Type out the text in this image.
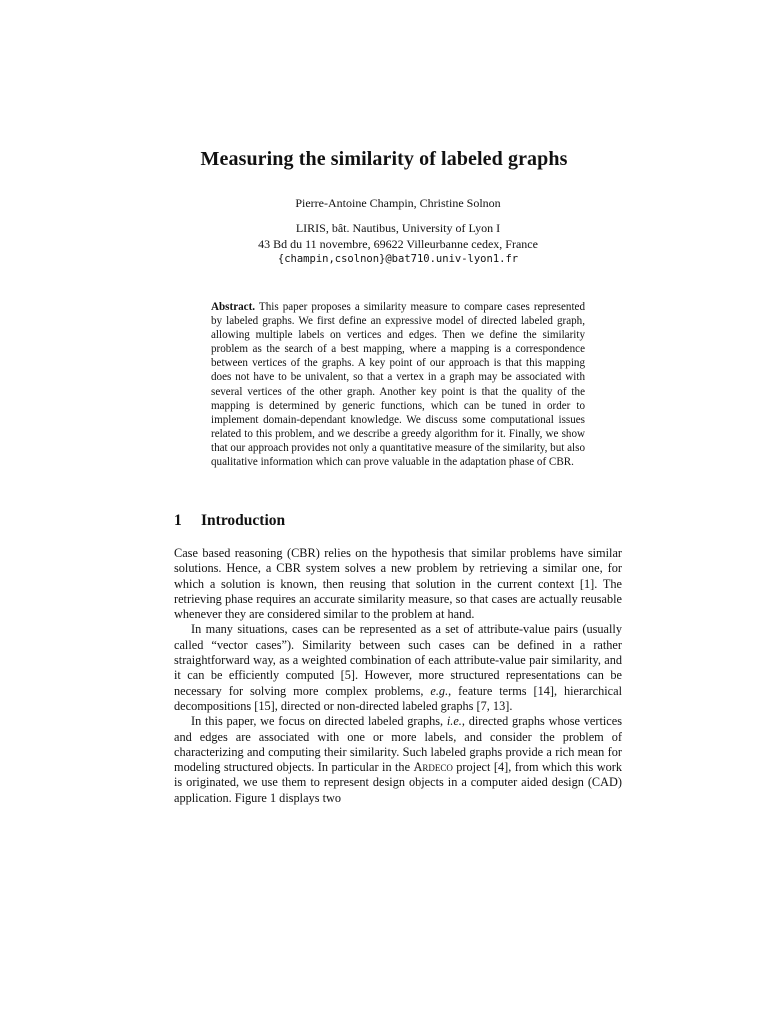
Measuring the similarity of labeled graphs
Pierre-Antoine Champin, Christine Solnon
LIRIS, bât. Nautibus, University of Lyon I
43 Bd du 11 novembre, 69622 Villeurbanne cedex, France
{champin,csolnon}@bat710.univ-lyon1.fr

Abstract. This paper proposes a similarity measure to compare cases represented by labeled graphs. We first define an expressive model of directed labeled graph, allowing multiple labels on vertices and edges. Then we define the similarity problem as the search of a best mapping, where a mapping is a correspondence between vertices of the graphs. A key point of our approach is that this mapping does not have to be univalent, so that a vertex in a graph may be associated with several vertices of the other graph. Another key point is that the quality of the mapping is determined by generic functions, which can be tuned in order to implement domain-dependant knowledge. We discuss some computational issues related to this problem, and we describe a greedy algorithm for it. Finally, we show that our approach provides not only a quantitative measure of the similarity, but also qualitative information which can prove valuable in the adaptation phase of CBR.

1 Introduction

Case based reasoning (CBR) relies on the hypothesis that similar problems have similar solutions. Hence, a CBR system solves a new problem by retrieving a similar one, for which a solution is known, then reusing that solution in the current context [1]. The retrieving phase requires an accurate similarity measure, so that cases are actually reusable whenever they are considered similar to the problem at hand.

In many situations, cases can be represented as a set of attribute-value pairs (usually called “vector cases”). Similarity between such cases can be defined in a rather straightforward way, as a weighted combination of each attribute-value pair similarity, and it can be efficiently computed [5]. However, more structured representations can be necessary for solving more complex problems, e.g., feature terms [14], hierarchical decompositions [15], directed or non-directed labeled graphs [7, 13].

In this paper, we focus on directed labeled graphs, i.e., directed graphs whose vertices and edges are associated with one or more labels, and consider the problem of characterizing and computing their similarity. Such labeled graphs provide a rich mean for modeling structured objects. In particular in the Ardeco project [4], from which this work is originated, we use them to represent design objects in a computer aided design (CAD) application. Figure 1 displays two
